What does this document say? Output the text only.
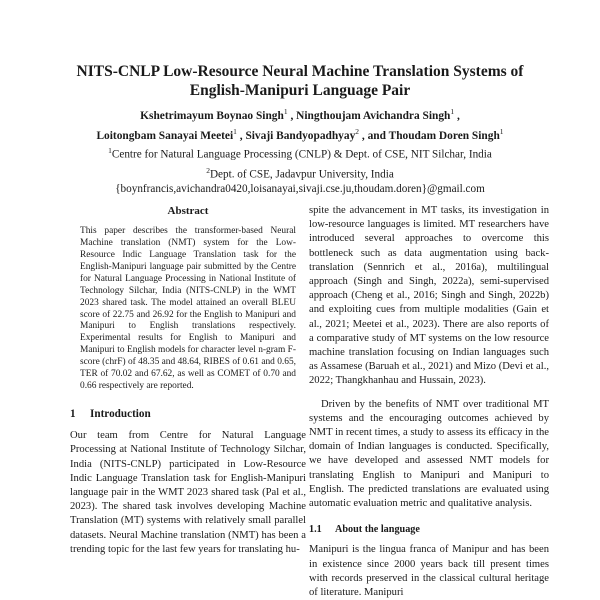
NITS-CNLP Low-Resource Neural Machine Translation Systems of
English-Manipuri Language Pair
Kshetrimayum Boynao Singh$^1$ , Ningthoujam Avichandra Singh$^1$ ,
Loitongbam Sanayai Meetei$^1$ , Sivaji Bandyopadhyay$^2$ , and Thoudam Doren Singh$^1$
$^1$Centre for Natural Language Processing (CNLP) & Dept. of CSE, NIT Silchar, India
$^2$Dept. of CSE, Jadavpur University, India
{boynfrancis,avichandra0420,loisanayai,sivaji.cse.ju,thoudam.doren}@gmail.com
Abstract

This paper describes the transformer-based Neural Machine translation (NMT) system for the Low-Resource Indic Language Translation task for the English-Manipuri language pair submitted by the Centre for Natural Language Processing in National Institute of Technology Silchar, India (NITS-CNLP) in the WMT 2023 shared task. The model attained an overall BLEU score of 22.75 and 26.92 for the English to Manipuri and Manipuri to English translations respectively. Experimental results for English to Manipuri and Manipuri to English models for character level n-gram F-score (chrF) of 48.35 and 48.64, RIBES of 0.61 and 0.65, TER of 70.02 and 67.62, as well as COMET of 0.70 and 0.66 respectively are reported.

1 Introduction

Our team from Centre for Natural Language Processing at National Institute of Technology Silchar, India (NITS-CNLP) participated in Low-Resource Indic Language Translation task for English-Manipuri language pair in the WMT 2023 shared task (Pal et al., 2023). The shared task involves developing Machine Translation (MT) systems with relatively small parallel datasets. Neural Machine translation (NMT) has been a trending topic for the last few years for translating hu-

spite the advancement in MT tasks, its investigation in low-resource languages is limited. MT researchers have introduced several approaches to overcome this bottleneck such as data augmentation using back-translation (Sennrich et al., 2016a), multilingual approach (Singh and Singh, 2022a), semi-supervised approach (Cheng et al., 2016; Singh and Singh, 2022b) and exploiting cues from multiple modalities (Gain et al., 2021; Meetei et al., 2023). There are also reports of a comparative study of MT systems on the low resource machine translation focusing on Indian languages such as Assamese (Baruah et al., 2021) and Mizo (Devi et al., 2022; Thangkhanhau and Hussain, 2023).

Driven by the benefits of NMT over traditional MT systems and the encouraging outcomes achieved by NMT in recent times, a study to assess its efficacy in the domain of Indian languages is conducted. Specifically, we have developed and assessed NMT models for translating English to Manipuri and Manipuri to English. The predicted translations are evaluated using automatic evaluation metric and qualitative analysis.

1.1 About the language

Manipuri is the lingua franca of Manipur and has been in existence since 2000 years back till present times with records preserved in the classical cultural heritage of literature. Manipuri
